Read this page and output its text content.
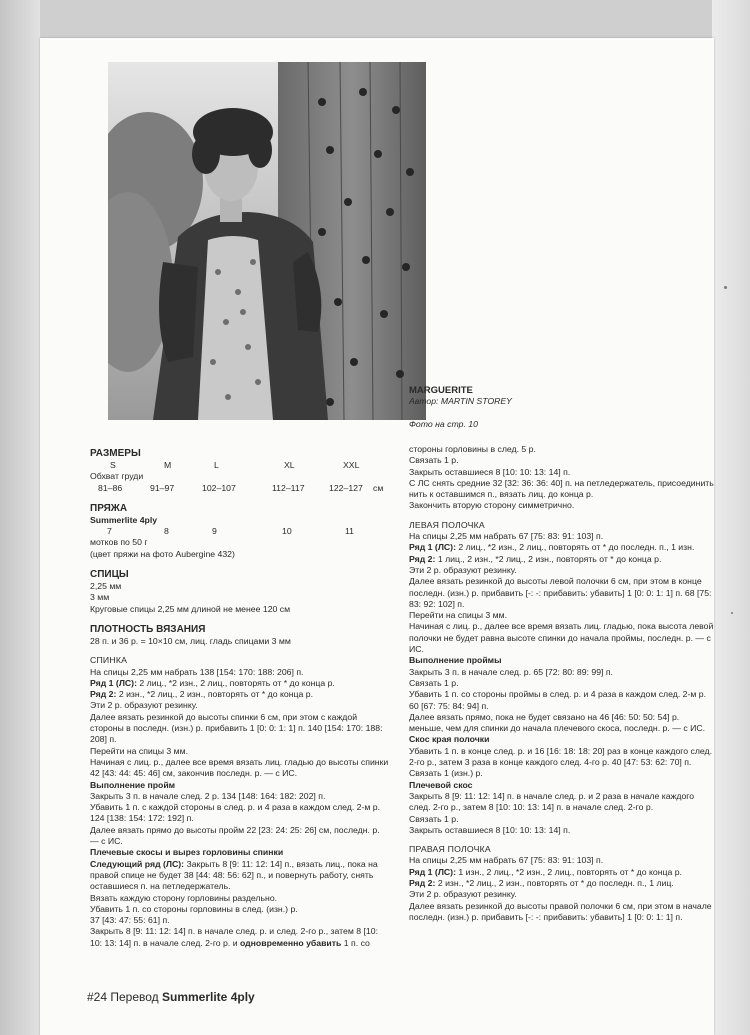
MARGUERITE

Автор: MARTIN STOREY

Фото на стр. 10

РАЗМЕРЫ

S	M	L	XL	XXL

Обхват груди

81–86	91–97	102–107	112–117	122–127	см

ПРЯЖА

Summerlite 4ply

7	8	9	10	11

мотков по 50 г

(цвет пряжи на фото Aubergine 432)

СПИЦЫ

2,25 мм

3 мм

Круговые спицы 2,25 мм длиной не менее 120 см

ПЛОТНОСТЬ ВЯЗАНИЯ

28 п. и 36 р. = 10×10 см, лиц. гладь спицами 3 мм

СПИНКА

На спицы 2,25 мм набрать 138 [154: 170: 188: 206] п.

Ряд 1 (ЛС): 2 лиц., *2 изн., 2 лиц., повторять от * до конца р.

Ряд 2: 2 изн., *2 лиц., 2 изн., повторять от * до конца р.

Эти 2 р. образуют резинку.

Далее вязать резинкой до высоты спинки 6 см, при этом с каждой стороны в последн. (изн.) р. прибавить 1 [0: 0: 1: 1] п. 140 [154: 170: 188: 208] п.

Перейти на спицы 3 мм.

Начиная с лиц. р., далее все время вязать лиц. гладью до высоты спинки 42 [43: 44: 45: 46] см, закончив последн. р. — с ИС.

Выполнение пройм

Закрыть 3 п. в начале след. 2 р. 134 [148: 164: 182: 202] п.

Убавить 1 п. с каждой стороны в след. р. и 4 раза в каждом след. 2-м р. 124 [138: 154: 172: 192] п.

Далее вязать прямо до высоты пройм 22 [23: 24: 25: 26] см, последн. р. — с ИС.

Плечевые скосы и вырез горловины спинки

Следующий ряд (ЛС): Закрыть 8 [9: 11: 12: 14] п., вязать лиц., пока на правой спице не будет 38 [44: 48: 56: 62] п., и повернуть работу, снять оставшиеся п. на петледержатель.

Вязать каждую сторону горловины раздельно.

Убавить 1 п. со стороны горловины в след. (изн.) р.

37 [43: 47: 55: 61] п.

Закрыть 8 [9: 11: 12: 14] п. в начале след. р. и след. 2-го р., затем 8 [10: 10: 13: 14] п. в начале след. 2-го р. и одновременно убавить 1 п. со

стороны горловины в след. 5 р.

Связать 1 р.

Закрыть оставшиеся 8 [10: 10: 13: 14] п.

С ЛС снять средние 32 [32: 36: 36: 40] п. на петледержатель, присоединить нить к оставшимся п., вязать лиц. до конца р.

Закончить вторую сторону симметрично.

ЛЕВАЯ ПОЛОЧКА

На спицы 2,25 мм набрать 67 [75: 83: 91: 103] п.

Ряд 1 (ЛС): 2 лиц., *2 изн., 2 лиц., повторять от * до последн. п., 1 изн.

Ряд 2: 1 лиц., 2 изн., *2 лиц., 2 изн., повторять от * до конца р.

Эти 2 р. образуют резинку.

Далее вязать резинкой до высоты левой полочки 6 см, при этом в конце последн. (изн.) р. прибавить [-: -: прибавить: убавить] 1 [0: 0: 1: 1] п. 68 [75: 83: 92: 102] п.

Перейти на спицы 3 мм.

Начиная с лиц. р., далее все время вязать лиц. гладью, пока высота левой полочки не будет равна высоте спинки до начала проймы, последн. р. — с ИС.

Выполнение проймы

Закрыть 3 п. в начале след. р. 65 [72: 80: 89: 99] п.

Связать 1 р.

Убавить 1 п. со стороны проймы в след. р. и 4 раза в каждом след. 2-м р. 60 [67: 75: 84: 94] п.

Далее вязать прямо, пока не будет связано на 46 [46: 50: 50: 54] р. меньше, чем для спинки до начала плечевого скоса, последн. р. — с ИС.

Скос края полочки

Убавить 1 п. в конце след. р. и 16 [16: 18: 18: 20] раз в конце каждого след. 2-го р., затем 3 раза в конце каждого след. 4-го р. 40 [47: 53: 62: 70] п.

Связать 1 (изн.) р.

Плечевой скос

Закрыть 8 [9: 11: 12: 14] п. в начале след. р. и 2 раза в начале каждого след. 2-го р., затем 8 [10: 10: 13: 14] п. в начале след. 2-го р.

Связать 1 р.

Закрыть оставшиеся 8 [10: 10: 13: 14] п.

ПРАВАЯ ПОЛОЧКА

На спицы 2,25 мм набрать 67 [75: 83: 91: 103] п.

Ряд 1 (ЛС): 1 изн., 2 лиц., *2 изн., 2 лиц., повторять от * до конца р.

Ряд 2: 2 изн., *2 лиц., 2 изн., повторять от * до последн. п., 1 лиц.

Эти 2 р. образуют резинку.

Далее вязать резинкой до высоты правой полочки 6 см, при этом в начале последн. (изн.) р. прибавить [-: -: прибавить: убавить] 1 [0: 0: 1: 1] п.

#24 Перевод Summerlite 4ply
